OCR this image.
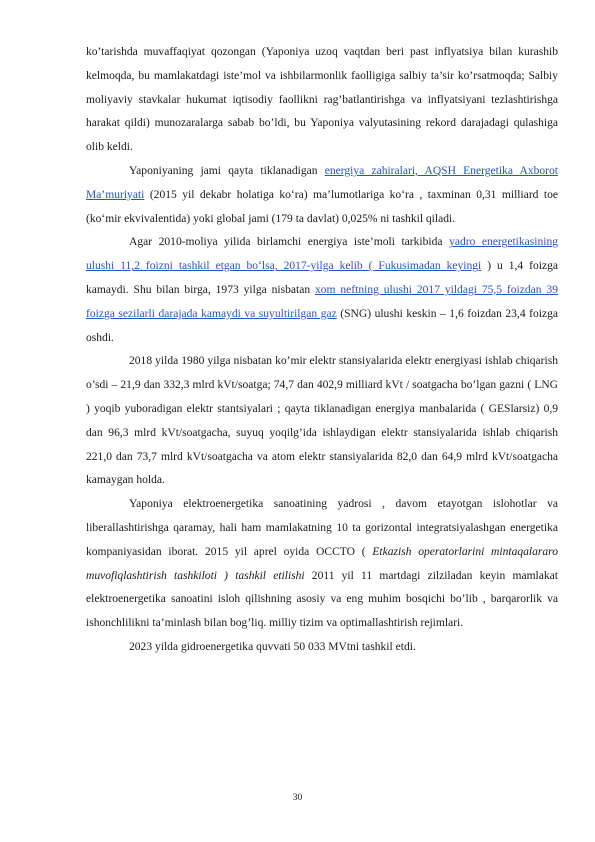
ko’tarishda muvaffaqiyat qozongan (Yaponiya uzoq vaqtdan beri past inflyatsiya bilan kurashib kelmoqda, bu mamlakatdagi iste’mol va ishbilarmonlik faolligiga salbiy ta’sir ko’rsatmoqda; Salbiy moliyaviy stavkalar hukumat iqtisodiy faollikni rag’batlantirishga va inflyatsiyani tezlashtirishga harakat qildi) munozaralarga sabab bo’ldi, bu Yaponiya valyutasining rekord darajadagi qulashiga olib keldi.

Yaponiyaning jami qayta tiklanadigan energiya zahiralari, AQSH Energetika Axborot Ma’muriyati (2015 yil dekabr holatiga ko‘ra) ma’lumotlariga ko‘ra , taxminan 0,31 milliard toe (ko‘mir ekvivalentida) yoki global jami (179 ta davlat) 0,025% ni tashkil qiladi.

Agar 2010-moliya yilida birlamchi energiya iste’moli tarkibida yadro energetikasining ulushi 11,2 foizni tashkil etgan bo‘lsa, 2017-yilga kelib ( Fukusimadan keyingi ) u 1,4 foizga kamaydi. Shu bilan birga, 1973 yilga nisbatan xom neftning ulushi 2017 yildagi 75,5 foizdan 39 foizga sezilarli darajada kamaydi va suyultirilgan gaz (SNG) ulushi keskin – 1,6 foizdan 23,4 foizga oshdi.

2018 yilda 1980 yilga nisbatan ko’mir elektr stansiyalarida elektr energiyasi ishlab chiqarish o’sdi – 21,9 dan 332,3 mlrd kVt/soatga; 74,7 dan 402,9 milliard kVt / soatgacha bo’lgan gazni ( LNG ) yoqib yuboradigan elektr stantsiyalari ; qayta tiklanadigan energiya manbalarida ( GESlarsiz) 0,9 dan 96,3 mlrd kVt/soatgacha, suyuq yoqilg’ida ishlaydigan elektr stansiyalarida ishlab chiqarish 221,0 dan 73,7 mlrd kVt/soatgacha va atom elektr stansiyalarida 82,0 dan 64,9 mlrd kVt/soatgacha kamaygan holda.

Yaponiya elektroenergetika sanoatining yadrosi , davom etayotgan islohotlar va liberallashtirishga qaramay, hali ham mamlakatning 10 ta gorizontal integratsiyalashgan energetika kompaniyasidan iborat. 2015 yil aprel oyida OCCTO ( Etkazish operatorlarini mintaqalararo muvofiqlashtirish tashkiloti ) tashkil etilishi 2011 yil 11 martdagi zilziladan keyin mamlakat elektroenergetika sanoatini isloh qilishning asosiy va eng muhim bosqichi bo’lib , barqarorlik va ishonchlilikni ta’minlash bilan bog’liq. milliy tizim va optimallashtirish rejimlari.

2023 yilda gidroenergetika quvvati 50 033 MVtni tashkil etdi.

30
